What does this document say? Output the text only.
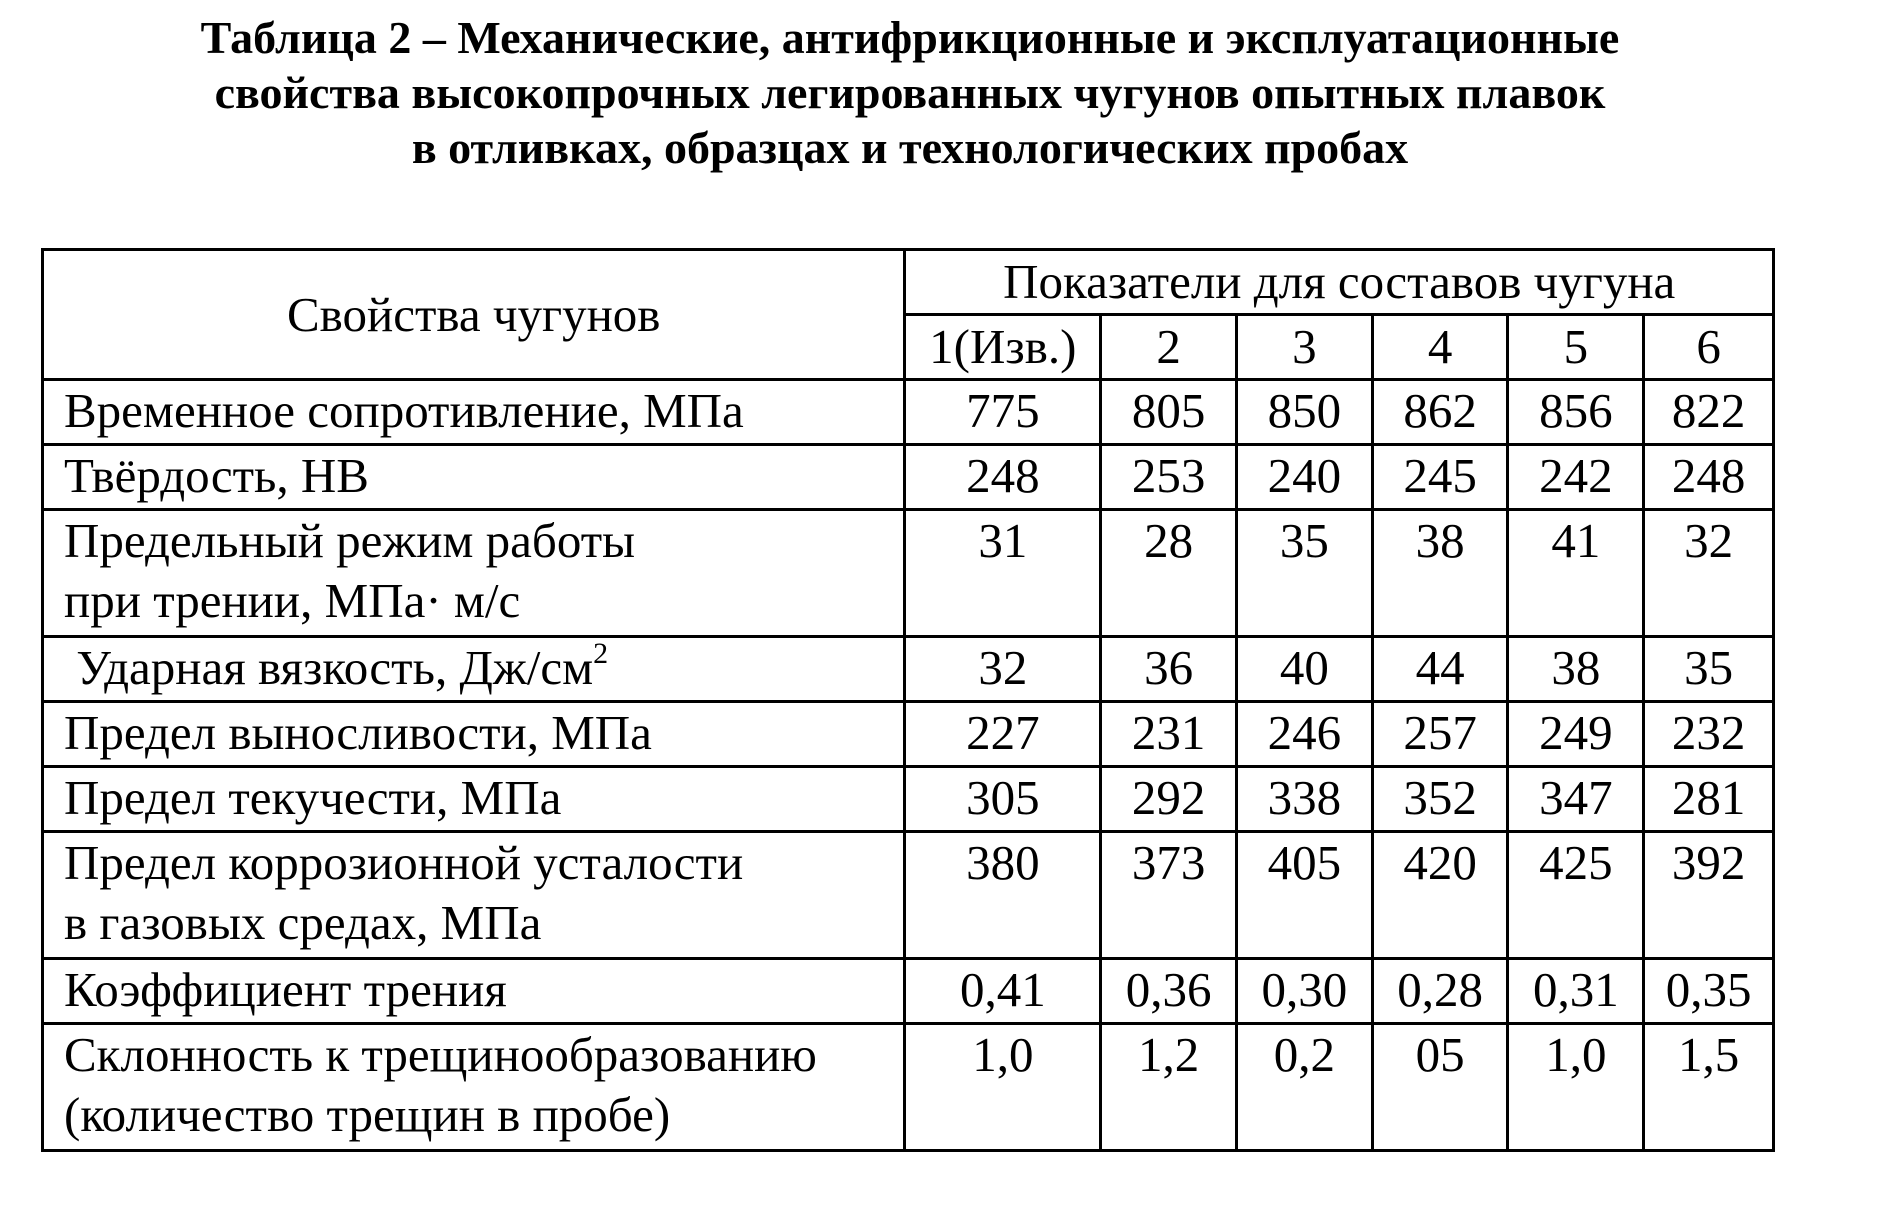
Таблица 2 – Механические, антифрикционные и эксплуатационные
свойства высокопрочных легированных чугунов опытных плавок
в отливках, образцах и технологических пробах
Свойства чугунов	Показатели для составов чугуна					
	1(Изв.)	2	3	4	5	6

Временное сопротивление, МПа	775	805	850	862	856	822

Твёрдость, НВ	248	253	240	245	242	248

Предельный режим работы
при трении, МПа· м/с	31	28	35	38	41	32

Ударная вязкость, $Дж/см^2$	32	36	40	44	38	35

Предел выносливости, МПа	227	231	246	257	249	232

Предел текучести, МПа	305	292	338	352	347	281

Предел коррозионной усталости
в газовых средах, МПа	380	373	405	420	425	392

Коэффициент трения	0,41	0,36	0,30	0,28	0,31	0,35

Склонность к трещинообразованию
(количество трещин в пробе)	1,0	1,2	0,2	05	1,0	1,5
